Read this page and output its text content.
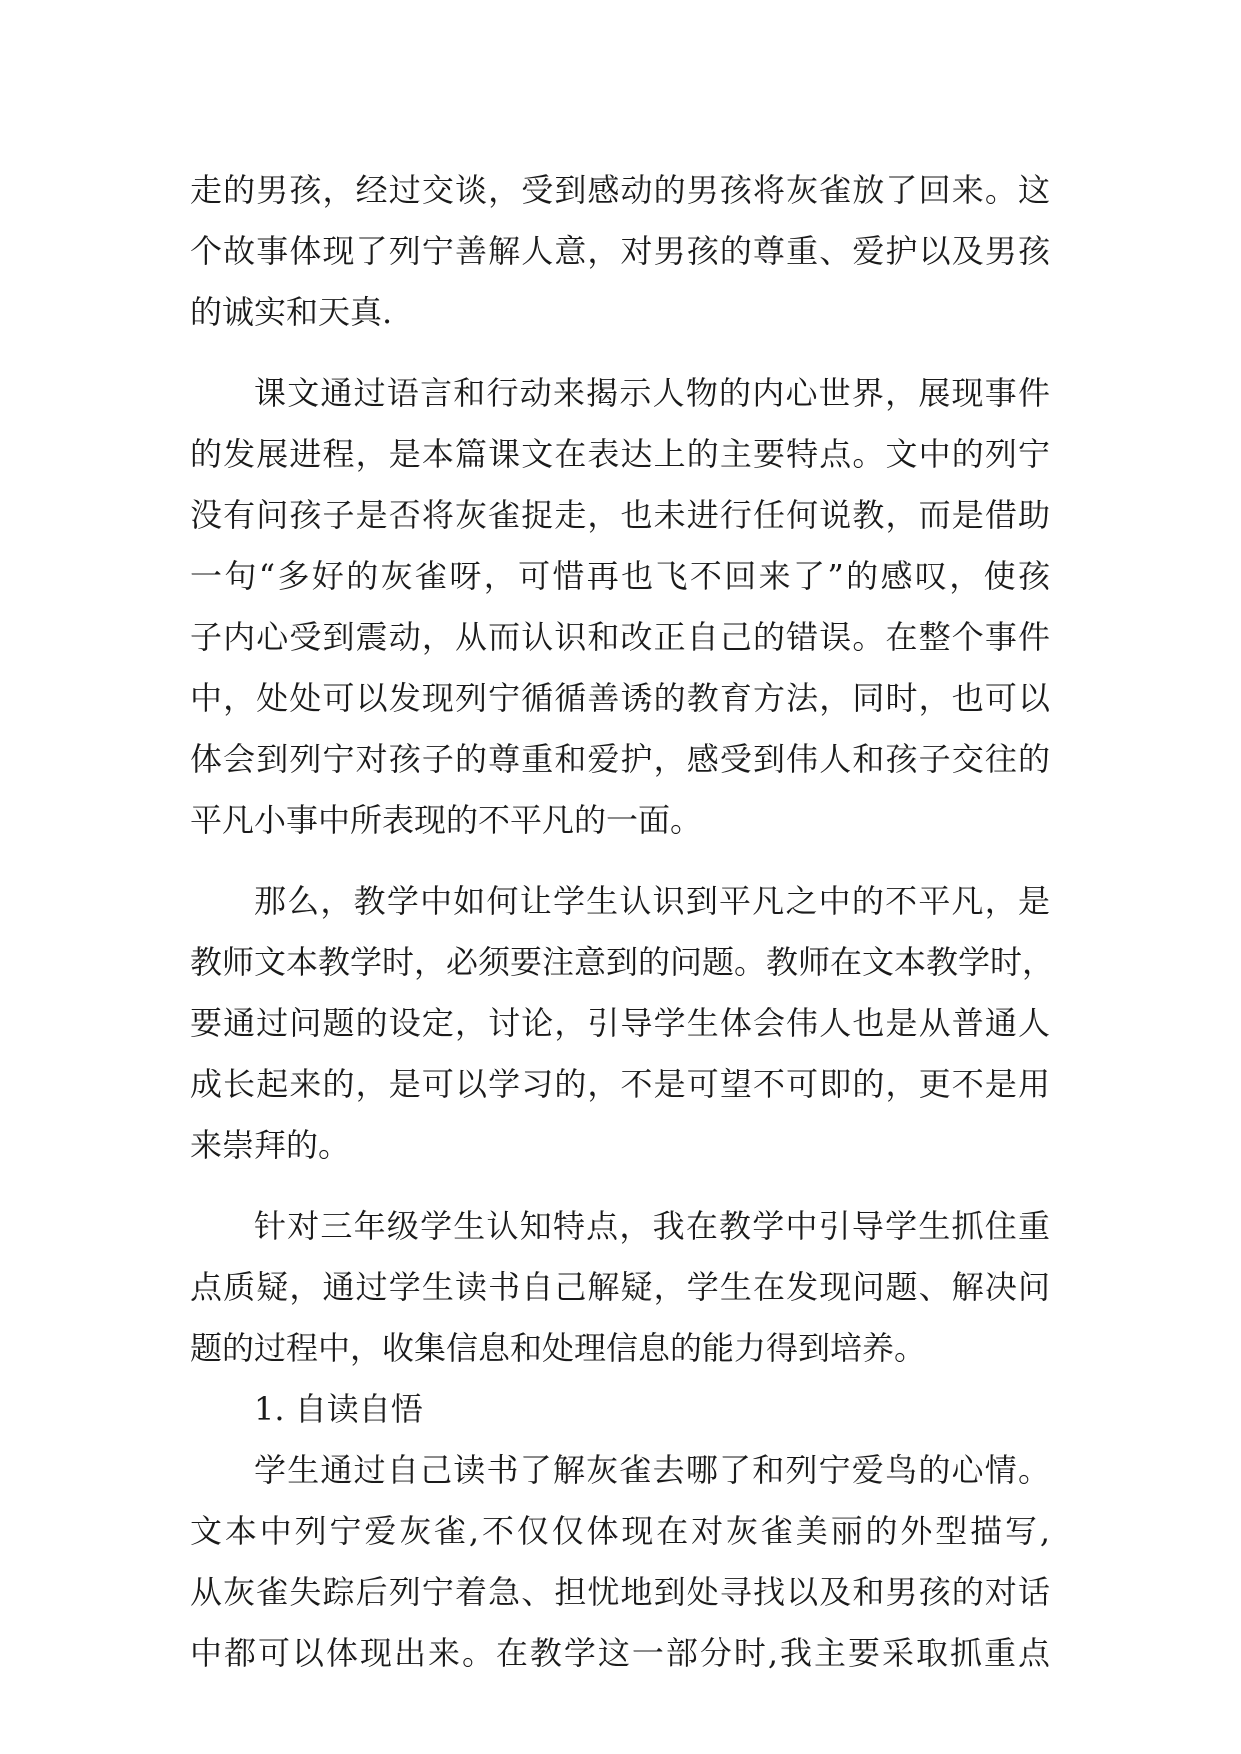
走的男孩，经过交谈，受到感动的男孩将灰雀放了回来。这
个故事体现了列宁善解人意，对男孩的尊重、爱护以及男孩
的诚实和天真.
课文通过语言和行动来揭示人物的内心世界，展现事件
的发展进程，是本篇课文在表达上的主要特点。文中的列宁
没有问孩子是否将灰雀捉走，也未进行任何说教，而是借助
一句“多好的灰雀呀，可惜再也飞不回来了”的感叹，使孩
子内心受到震动，从而认识和改正自己的错误。在整个事件
中，处处可以发现列宁循循善诱的教育方法，同时，也可以
体会到列宁对孩子的尊重和爱护，感受到伟人和孩子交往的
平凡小事中所表现的不平凡的一面。
那么，教学中如何让学生认识到平凡之中的不平凡，是
教师文本教学时，必须要注意到的问题。教师在文本教学时，
要通过问题的设定，讨论，引导学生体会伟人也是从普通人
成长起来的，是可以学习的，不是可望不可即的，更不是用
来崇拜的。
针对三年级学生认知特点，我在教学中引导学生抓住重
点质疑，通过学生读书自己解疑，学生在发现问题、解决问
题的过程中，收集信息和处理信息的能力得到培养。
1. 自读自悟
学生通过自己读书了解灰雀去哪了和列宁爱鸟的心情。
文本中列宁爱灰雀,不仅仅体现在对灰雀美丽的外型描写,
从灰雀失踪后列宁着急、担忧地到处寻找以及和男孩的对话
中都可以体现出来。在教学这一部分时,我主要采取抓重点
